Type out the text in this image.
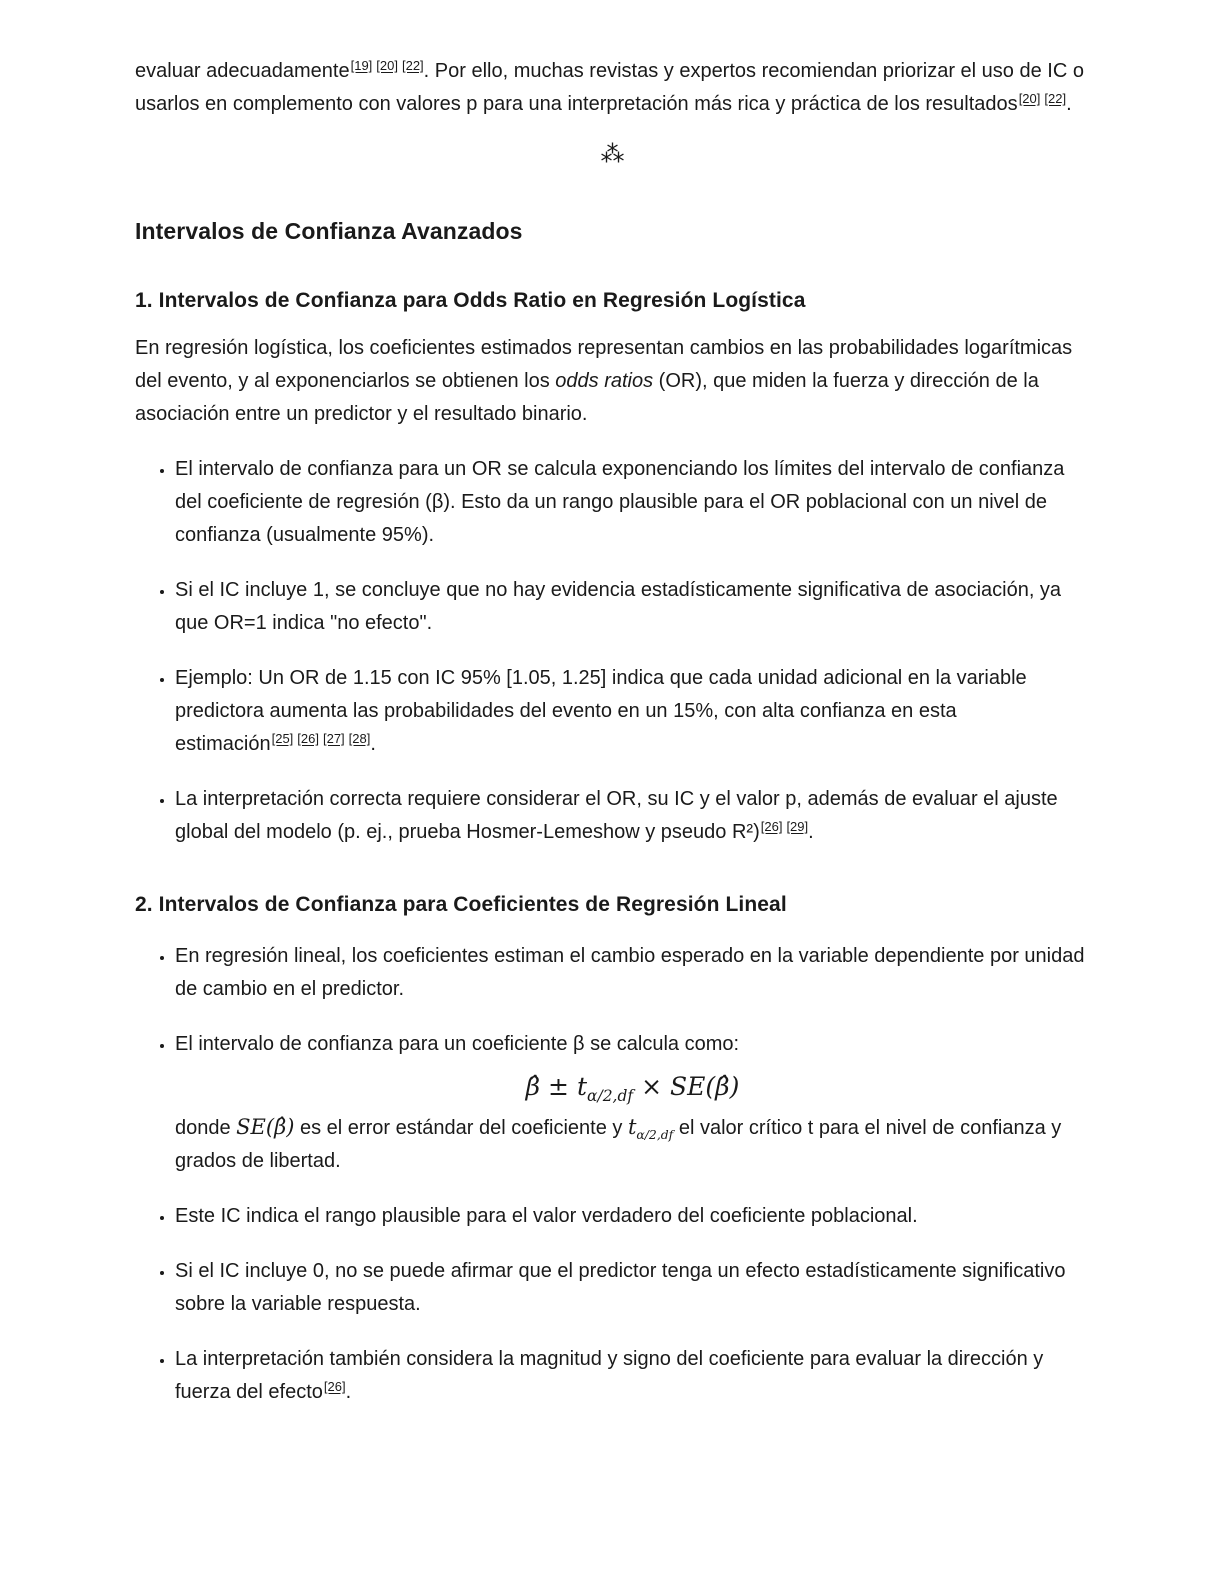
evaluar adecuadamente[19] [20] [22]. Por ello, muchas revistas y expertos recomiendan priorizar el uso de IC o usarlos en complemento con valores p para una interpretación más rica y práctica de los resultados[20] [22].

⁂
Intervalos de Confianza Avanzados
1. Intervalos de Confianza para Odds Ratio en Regresión Logística

En regresión logística, los coeficientes estimados representan cambios en las probabilidades logarítmicas del evento, y al exponenciarlos se obtienen los odds ratios (OR), que miden la fuerza y dirección de la asociación entre un predictor y el resultado binario.

• El intervalo de confianza para un OR se calcula exponenciando los límites del intervalo de confianza del coeficiente de regresión (β). Esto da un rango plausible para el OR poblacional con un nivel de confianza (usualmente 95%).
• Si el IC incluye 1, se concluye que no hay evidencia estadísticamente significativa de asociación, ya que OR=1 indica "no efecto".
• Ejemplo: Un OR de 1.15 con IC 95% [1.05, 1.25] indica que cada unidad adicional en la variable predictora aumenta las probabilidades del evento en un 15%, con alta confianza en esta estimación[25] [26] [27] [28].
• La interpretación correcta requiere considerar el OR, su IC y el valor p, además de evaluar el ajuste global del modelo (p. ej., prueba Hosmer-Lemeshow y pseudo R²)[26] [29].
2. Intervalos de Confianza para Coeficientes de Regresión Lineal
• En regresión lineal, los coeficientes estiman el cambio esperado en la variable dependiente por unidad de cambio en el predictor.
• El intervalo de confianza para un coeficiente β se calcula como:
β̂ ± $t_{\alpha/2,df}$ × SE(β̂)
donde SE(β̂) es el error estándar del coeficiente y $t_{\alpha/2,df}$ el valor crítico t para el nivel de confianza y grados de libertad.
• Este IC indica el rango plausible para el valor verdadero del coeficiente poblacional.
• Si el IC incluye 0, no se puede afirmar que el predictor tenga un efecto estadísticamente significativo sobre la variable respuesta.
• La interpretación también considera la magnitud y signo del coeficiente para evaluar la dirección y fuerza del efecto[26].
